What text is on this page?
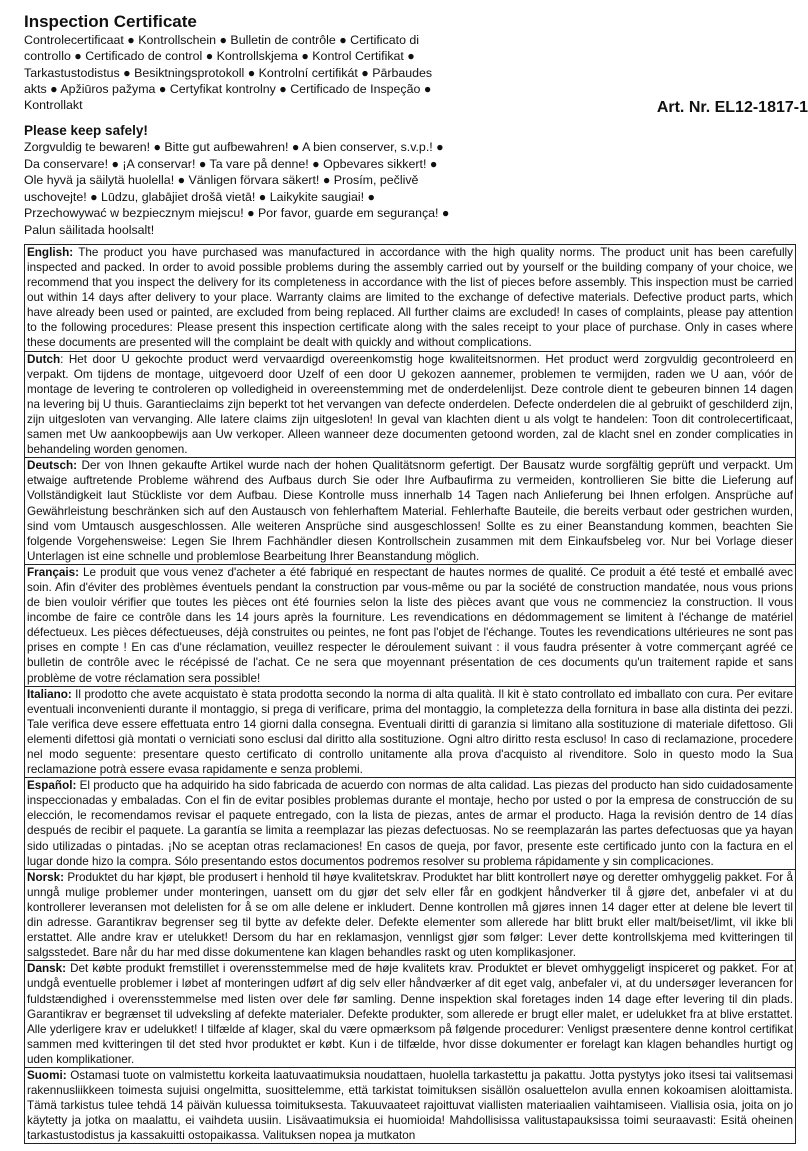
Inspection Certificate

Controlecertificaat ● Kontrollschein ● Bulletin de contrôle ● Certificato di controllo ● Certificado de control ● Kontrollskjema ● Kontrol Certifikat ● Tarkastustodistus ● Besiktningsprotokoll ● Kontrolní certifikát ● Pārbaudes akts ● Apžiūros pažyma ● Certyfikat kontrolny ● Certificado de Inspeção ● Kontrollakt	Art. Nr. EL12-1817-1

Please keep safely!

Zorgvuldig te bewaren! ● Bitte gut aufbewahren! ● A bien conserver, s.v.p.! ● Da conservare! ● ¡A conservar! ● Ta vare på denne! ● Opbevares sikkert! ● Ole hyvä ja säilytä huolella! ● Vänligen förvara säkert! ● Prosím, pečlivě uschovejte! ● Lūdzu, glabājiet drošā vietā! ● Laikykite saugiai! ● Przechowywać w bezpiecznym miejscu! ● Por favor, guarde em segurança! ● Palun säilitada hoolsalt!

English: The product you have purchased was manufactured in accordance with the high quality norms. The product unit has been carefully inspected and packed. In order to avoid possible problems during the assembly carried out by yourself or the building company of your choice, we recommend that you inspect the delivery for its completeness in accordance with the list of pieces before assembly. This inspection must be carried out within 14 days after delivery to your place. Warranty claims are limited to the exchange of defective materials. Defective product parts, which have already been used or painted, are excluded from being replaced. All further claims are excluded! In cases of complaints, please pay attention to the following procedures: Please present this inspection certificate along with the sales receipt to your place of purchase. Only in cases where these documents are presented will the complaint be dealt with quickly and without complications.

Dutch: Het door U gekochte product werd vervaardigd overeenkomstig hoge kwaliteitsnormen. Het product werd zorgvuldig gecontroleerd en verpakt. Om tijdens de montage, uitgevoerd door Uzelf of een door U gekozen aannemer, problemen te vermijden, raden we U aan, vóór de montage de levering te controleren op volledigheid in overeenstemming met de onderdelenlijst. Deze controle dient te gebeuren binnen 14 dagen na levering bij U thuis. Garantieclaims zijn beperkt tot het vervangen van defecte onderdelen. Defecte onderdelen die al gebruikt of geschilderd zijn, zijn uitgesloten van vervanging. Alle latere claims zijn uitgesloten! In geval van klachten dient u als volgt te handelen: Toon dit controlecertificaat, samen met Uw aankoopbewijs aan Uw verkoper. Alleen wanneer deze documenten getoond worden, zal de klacht snel en zonder complicaties in behandeling worden genomen.

Deutsch: Der von Ihnen gekaufte Artikel wurde nach der hohen Qualitätsnorm gefertigt. Der Bausatz wurde sorgfältig geprüft und verpackt. Um etwaige auftretende Probleme während des Aufbaus durch Sie oder Ihre Aufbaufirma zu vermeiden, kontrollieren Sie bitte die Lieferung auf Vollständigkeit laut Stückliste vor dem Aufbau. Diese Kontrolle muss innerhalb 14 Tagen nach Anlieferung bei Ihnen erfolgen. Ansprüche auf Gewährleistung beschränken sich auf den Austausch von fehlerhaftem Material. Fehlerhafte Bauteile, die bereits verbaut oder gestrichen wurden, sind vom Umtausch ausgeschlossen. Alle weiteren Ansprüche sind ausgeschlossen! Sollte es zu einer Beanstandung kommen, beachten Sie folgende Vorgehensweise: Legen Sie Ihrem Fachhändler diesen Kontrollschein zusammen mit dem Einkaufsbeleg vor. Nur bei Vorlage dieser Unterlagen ist eine schnelle und problemlose Bearbeitung Ihrer Beanstandung möglich.

Français: Le produit que vous venez d'acheter a été fabriqué en respectant de hautes normes de qualité. Ce produit a été testé et emballé avec soin. Afin d'éviter des problèmes éventuels pendant la construction par vous-même ou par la société de construction mandatée, nous vous prions de bien vouloir vérifier que toutes les pièces ont été fournies selon la liste des pièces avant que vous ne commenciez la construction. Il vous incombe de faire ce contrôle dans les 14 jours après la fourniture. Les revendications en dédommagement se limitent à l'échange de matériel défectueux. Les pièces défectueuses, déjà construites ou peintes, ne font pas l'objet de l'échange. Toutes les revendications ultérieures ne sont pas prises en compte ! En cas d'une réclamation, veuillez respecter le déroulement suivant : il vous faudra présenter à votre commerçant agréé ce bulletin de contrôle avec le récépissé de l'achat. Ce ne sera que moyennant présentation de ces documents qu'un traitement rapide et sans problème de votre réclamation sera possible!

Italiano: Il prodotto che avete acquistato è stata prodotta secondo la norma di alta qualità. Il kit è stato controllato ed imballato con cura. Per evitare eventuali inconvenienti durante il montaggio, si prega di verificare, prima del montaggio, la completezza della fornitura in base alla distinta dei pezzi. Tale verifica deve essere effettuata entro 14 giorni dalla consegna. Eventuali diritti di garanzia si limitano alla sostituzione di materiale difettoso. Gli elementi difettosi già montati o verniciati sono esclusi dal diritto alla sostituzione. Ogni altro diritto resta escluso! In caso di reclamazione, procedere nel modo seguente: presentare questo certificato di controllo unitamente alla prova d'acquisto al rivenditore. Solo in questo modo la Sua reclamazione potrà essere evasa rapidamente e senza problemi.

Español: El producto que ha adquirido ha sido fabricada de acuerdo con normas de alta calidad. Las piezas del producto han sido cuidadosamente inspeccionadas y embaladas. Con el fin de evitar posibles problemas durante el montaje, hecho por usted o por la empresa de construcción de su elección, le recomendamos revisar el paquete entregado, con la lista de piezas, antes de armar el producto. Haga la revisión dentro de 14 días después de recibir el paquete. La garantía se limita a reemplazar las piezas defectuosas. No se reemplazarán las partes defectuosas que ya hayan sido utilizadas o pintadas. ¡No se aceptan otras reclamaciones! En casos de queja, por favor, presente este certificado junto con la factura en el lugar donde hizo la compra. Sólo presentando estos documentos podremos resolver su problema rápidamente y sin complicaciones.

Norsk: Produktet du har kjøpt, ble produsert i henhold til høye kvalitetskrav. Produktet har blitt kontrollert nøye og deretter omhyggelig pakket. For å unngå mulige problemer under monteringen, uansett om du gjør det selv eller får en godkjent håndverker til å gjøre det, anbefaler vi at du kontrollerer leveransen mot delelisten for å se om alle delene er inkludert. Denne kontrollen må gjøres innen 14 dager etter at delene ble levert til din adresse. Garantikrav begrenser seg til bytte av defekte deler. Defekte elementer som allerede har blitt brukt eller malt/beiset/limt, vil ikke bli erstattet. Alle andre krav er utelukket! Dersom du har en reklamasjon, vennligst gjør som følger: Lever dette kontrollskjema med kvitteringen til salgsstedet. Bare når du har med disse dokumentene kan klagen behandles raskt og uten komplikasjoner.

Dansk: Det købte produkt fremstillet i overensstemmelse med de høje kvalitets krav. Produktet er blevet omhyggeligt inspiceret og pakket. For at undgå eventuelle problemer i løbet af monteringen udført af dig selv eller håndværker af dit eget valg, anbefaler vi, at du undersøger leverancen for fuldstændighed i overensstemmelse med listen over dele før samling. Denne inspektion skal foretages inden 14 dage efter levering til din plads. Garantikrav er begrænset til udveksling af defekte materialer. Defekte produkter, som allerede er brugt eller malet, er udelukket fra at blive erstattet. Alle yderligere krav er udelukket! I tilfælde af klager, skal du være opmærksom på følgende procedurer: Venligst præsentere denne kontrol certifikat sammen med kvitteringen til det sted hvor produktet er købt. Kun i de tilfælde, hvor disse dokumenter er forelagt kan klagen behandles hurtigt og uden komplikationer.

Suomi: Ostamasi tuote on valmistettu korkeita laatuvaatimuksia noudattaen, huolella tarkastettu ja pakattu. Jotta pystytys joko itsesi tai valitsemasi rakennusliikkeen toimesta sujuisi ongelmitta, suosittelemme, että tarkistat toimituksen sisällön osaluettelon avulla ennen kokoamisen aloittamista. Tämä tarkistus tulee tehdä 14 päivän kuluessa toimituksesta. Takuuvaateet rajoittuvat viallisten materiaalien vaihtamiseen. Viallisia osia, joita on jo käytetty ja jotka on maalattu, ei vaihdeta uusiin. Lisävaatimuksia ei huomioida! Mahdollisissa valitustapauksissa toimi seuraavasti: Esitä oheinen tarkastustodistus ja kassakuitti ostopaikassa. Valituksen nopea ja mutkaton
